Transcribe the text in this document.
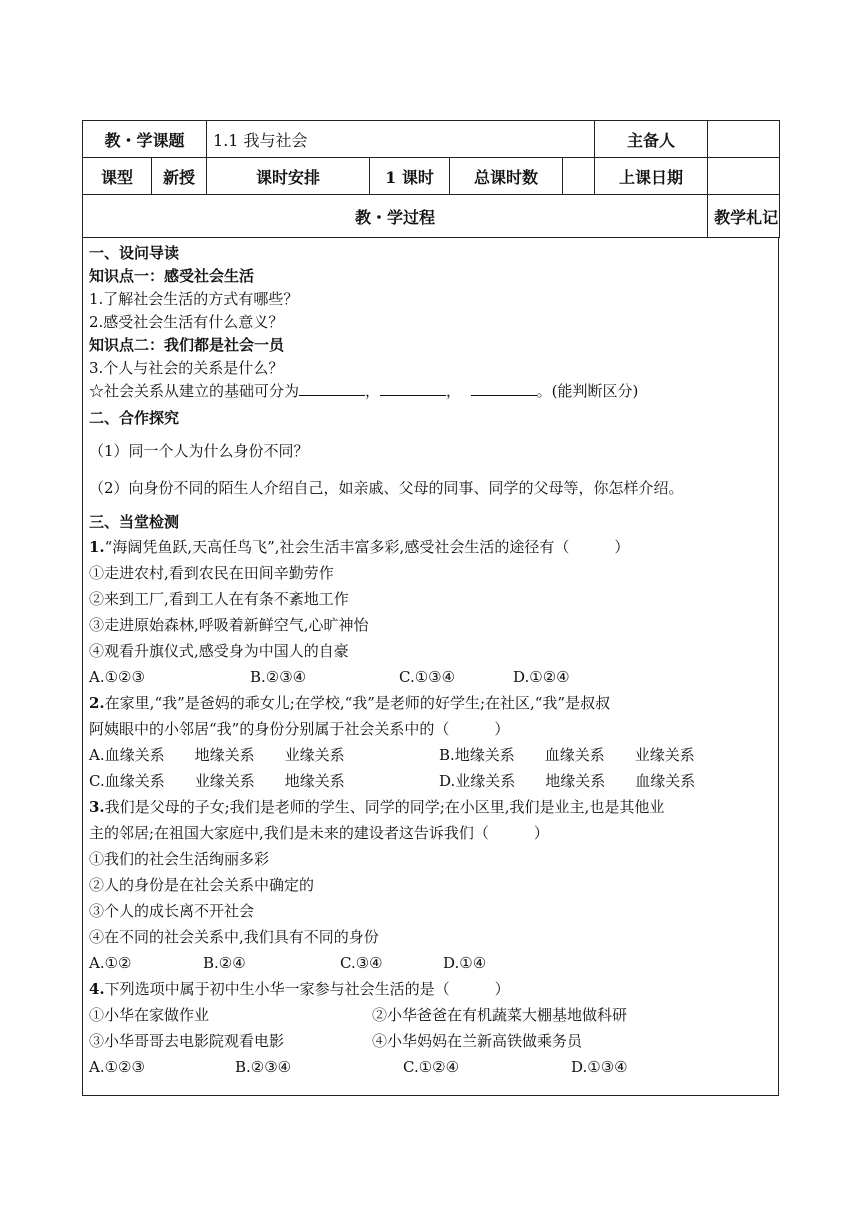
教・学课题		1.1 我与社会				主备人	
课型	新授	课时安排	1 课时	总课时数		上课日期	
教・学过程							教学札记
一、设问导读
知识点一：感受社会生活
1.了解社会生活的方式有哪些？
2.感受社会生活有什么意义？
知识点二：我们都是社会一员
3.个人与社会的关系是什么？
☆社会关系从建立的基础可分为	，	，	。(能判断区分)
二、合作探究
（1）同一个人为什么身份不同？
（2）向身份不同的陌生人介绍自己，如亲戚、父母的同事、同学的父母等，你怎样介绍。
三、当堂检测
1.“海阔凭鱼跃,天高任鸟飞”,社会生活丰富多彩,感受社会生活的途径有（　　　）
①走进农村,看到农民在田间辛勤劳作
②来到工厂,看到工人在有条不紊地工作
③走进原始森林,呼吸着新鲜空气,心旷神怡
④观看升旗仪式,感受身为中国人的自豪
A.①②③	B.②③④	C.①③④	D.①②④
2.在家里,“我”是爸妈的乖女儿;在学校,“我”是老师的好学生;在社区,“我”是叔叔
阿姨眼中的小邻居“我”的身份分别属于社会关系中的（　　　）
A.血缘关系　　地缘关系　　业缘关系	B.地缘关系　　血缘关系　　业缘关系
C.血缘关系　　业缘关系　　地缘关系	D.业缘关系　　地缘关系　　血缘关系
3.我们是父母的子女;我们是老师的学生、同学的同学;在小区里,我们是业主,也是其他业
主的邻居;在祖国大家庭中,我们是未来的建设者这告诉我们（　　　）
①我们的社会生活绚丽多彩
②人的身份是在社会关系中确定的
③个人的成长离不开社会
④在不同的社会关系中,我们具有不同的身份
A.①②	B.②④	C.③④	D.①④
4.下列选项中属于初中生小华一家参与社会生活的是（　　　）
①小华在家做作业	②小华爸爸在有机蔬菜大棚基地做科研
③小华哥哥去电影院观看电影	④小华妈妈在兰新高铁做乘务员
A.①②③	B.②③④	C.①②④	D.①③④
